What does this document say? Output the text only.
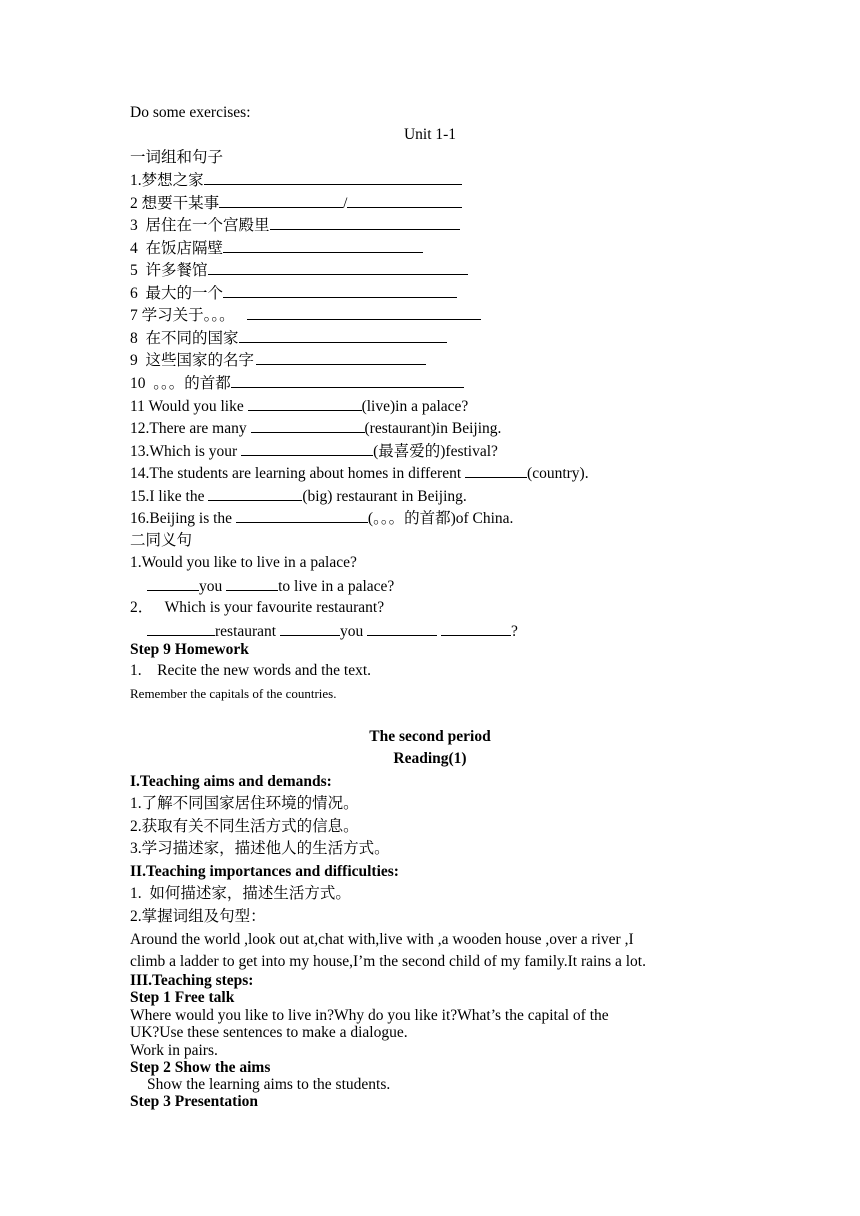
Do some exercises:
Unit 1-1
一词组和句子
1.梦想之家
2 想要干某事	/
3  居住在一个宫殿里
4  在饭店隔壁
5  许多餐馆
6  最大的一个
7 学习关于。。。
8  在不同的国家
9  这些国家的名字
10  。。。的首都
11 Would you like	(live)in a palace?
12.There are many	(restaurant)in Beijing.
13.Which is your	(最喜爱的)festival?
14.The students are learning about homes in different	(country).
15.I like the	(big) restaurant in Beijing.
16.Beijing is the	(。。。的首都)of China.
二同义句
1.Would you like to live in a palace?
you	to live in a palace?
2．   Which is your favourite restaurant?
restaurant	you	?
Step 9 Homework
1.    Recite the new words and the text.
Remember the capitals of the countries.
The second period
Reading(1)
I.Teaching aims and demands:
1.了解不同国家居住环境的情况。
2.获取有关不同生活方式的信息。
3.学习描述家，描述他人的生活方式。
II.Teaching importances and difficulties:
1.  如何描述家，描述生活方式。
2.掌握词组及句型：
Around the world ,look out at,chat with,live with ,a wooden house ,over a river ,I
climb a ladder to get into my house,I’m the second child of my family.It rains a lot.
III.Teaching steps:
Step 1 Free talk
Where would you like to live in?Why do you like it?What’s the capital of the
UK?Use these sentences to make a dialogue.
Work in pairs.
Step 2 Show the aims
Show the learning aims to the students.
Step 3 Presentation
